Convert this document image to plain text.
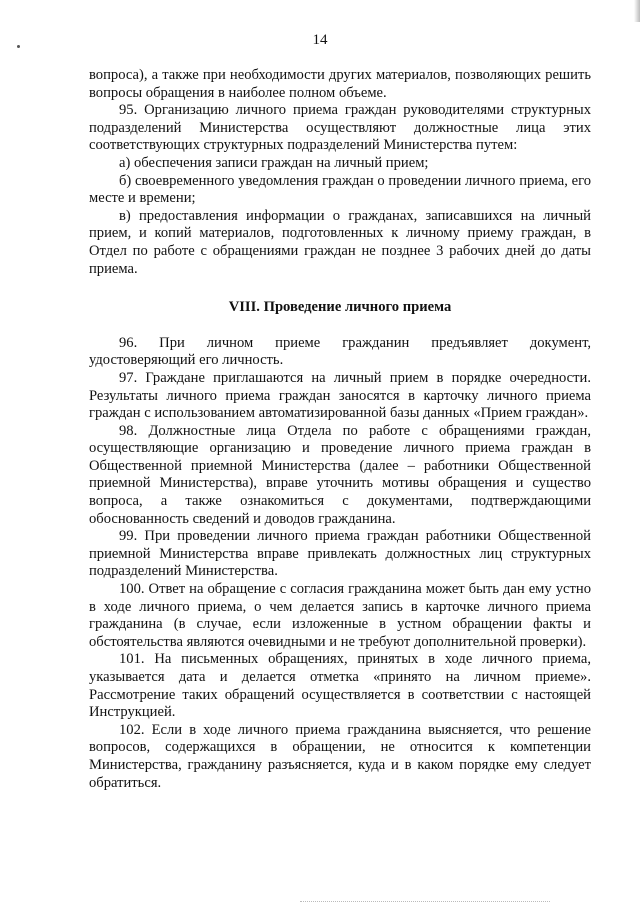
14

вопроса), а также при необходимости других материалов, позволяющих решить вопросы обращения в наиболее полном объеме.

95. Организацию личного приема граждан руководителями структурных подразделений Министерства осуществляют должностные лица этих соответствующих структурных подразделений Министерства путем:

а) обеспечения записи граждан на личный прием;

б) своевременного уведомления граждан о проведении личного приема, его месте и времени;

в) предоставления информации о гражданах, записавшихся на личный прием, и копий материалов, подготовленных к личному приему граждан, в Отдел по работе с обращениями граждан не позднее 3 рабочих дней до даты приема.

VIII. Проведение личного приема

96. При личном приеме гражданин предъявляет документ, удостоверяющий его личность.

97. Граждане приглашаются на личный прием в порядке очередности. Результаты личного приема граждан заносятся в карточку личного приема граждан с использованием автоматизированной базы данных «Прием граждан».

98. Должностные лица Отдела по работе с обращениями граждан, осуществляющие организацию и проведение личного приема граждан в Общественной приемной Министерства (далее – работники Общественной приемной Министерства), вправе уточнить мотивы обращения и существо вопроса, а также ознакомиться с документами, подтверждающими обоснованность сведений и доводов гражданина.

99. При проведении личного приема граждан работники Общественной приемной Министерства вправе привлекать должностных лиц структурных подразделений Министерства.

100. Ответ на обращение с согласия гражданина может быть дан ему устно в ходе личного приема, о чем делается запись в карточке личного приема гражданина (в случае, если изложенные в устном обращении факты и обстоятельства являются очевидными и не требуют дополнительной проверки).

101. На письменных обращениях, принятых в ходе личного приема, указывается дата и делается отметка «принято на личном приеме». Рассмотрение таких обращений осуществляется в соответствии с настоящей Инструкцией.

102. Если в ходе личного приема гражданина выясняется, что решение вопросов, содержащихся в обращении, не относится к компетенции Министерства, гражданину разъясняется, куда и в каком порядке ему следует обратиться.
